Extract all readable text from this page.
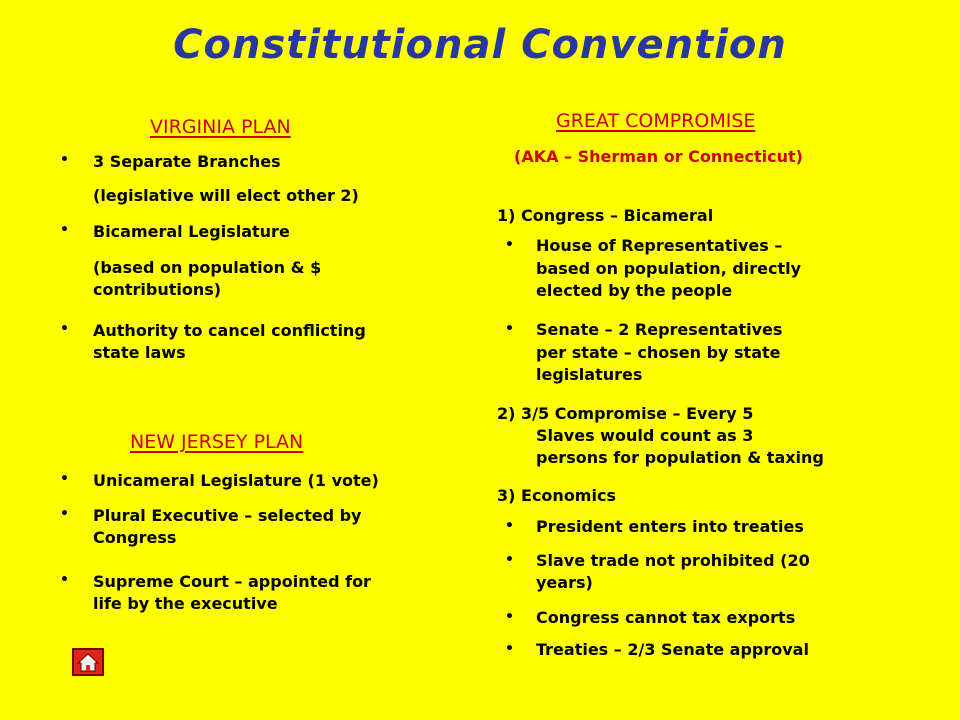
Constitutional Convention
VIRGINIA PLAN
• 3 Separate Branches
(legislative will elect other 2)
• Bicameral Legislature
(based on population & $
contributions)
• Authority to cancel conflicting
state laws
NEW JERSEY PLAN
• Unicameral Legislature (1 vote)
• Plural Executive – selected by
Congress
• Supreme Court – appointed for
life by the executive
GREAT COMPROMISE
(AKA – Sherman or Connecticut)
1) Congress – Bicameral
• House of Representatives –
based on population, directly
elected by the people
• Senate – 2 Representatives
per state – chosen by state
legislatures
2) 3/5 Compromise – Every 5
Slaves would count as 3
persons for population & taxing
3) Economics
• President enters into treaties
• Slave trade not prohibited (20
years)
• Congress cannot tax exports
• Treaties – 2/3 Senate approval
